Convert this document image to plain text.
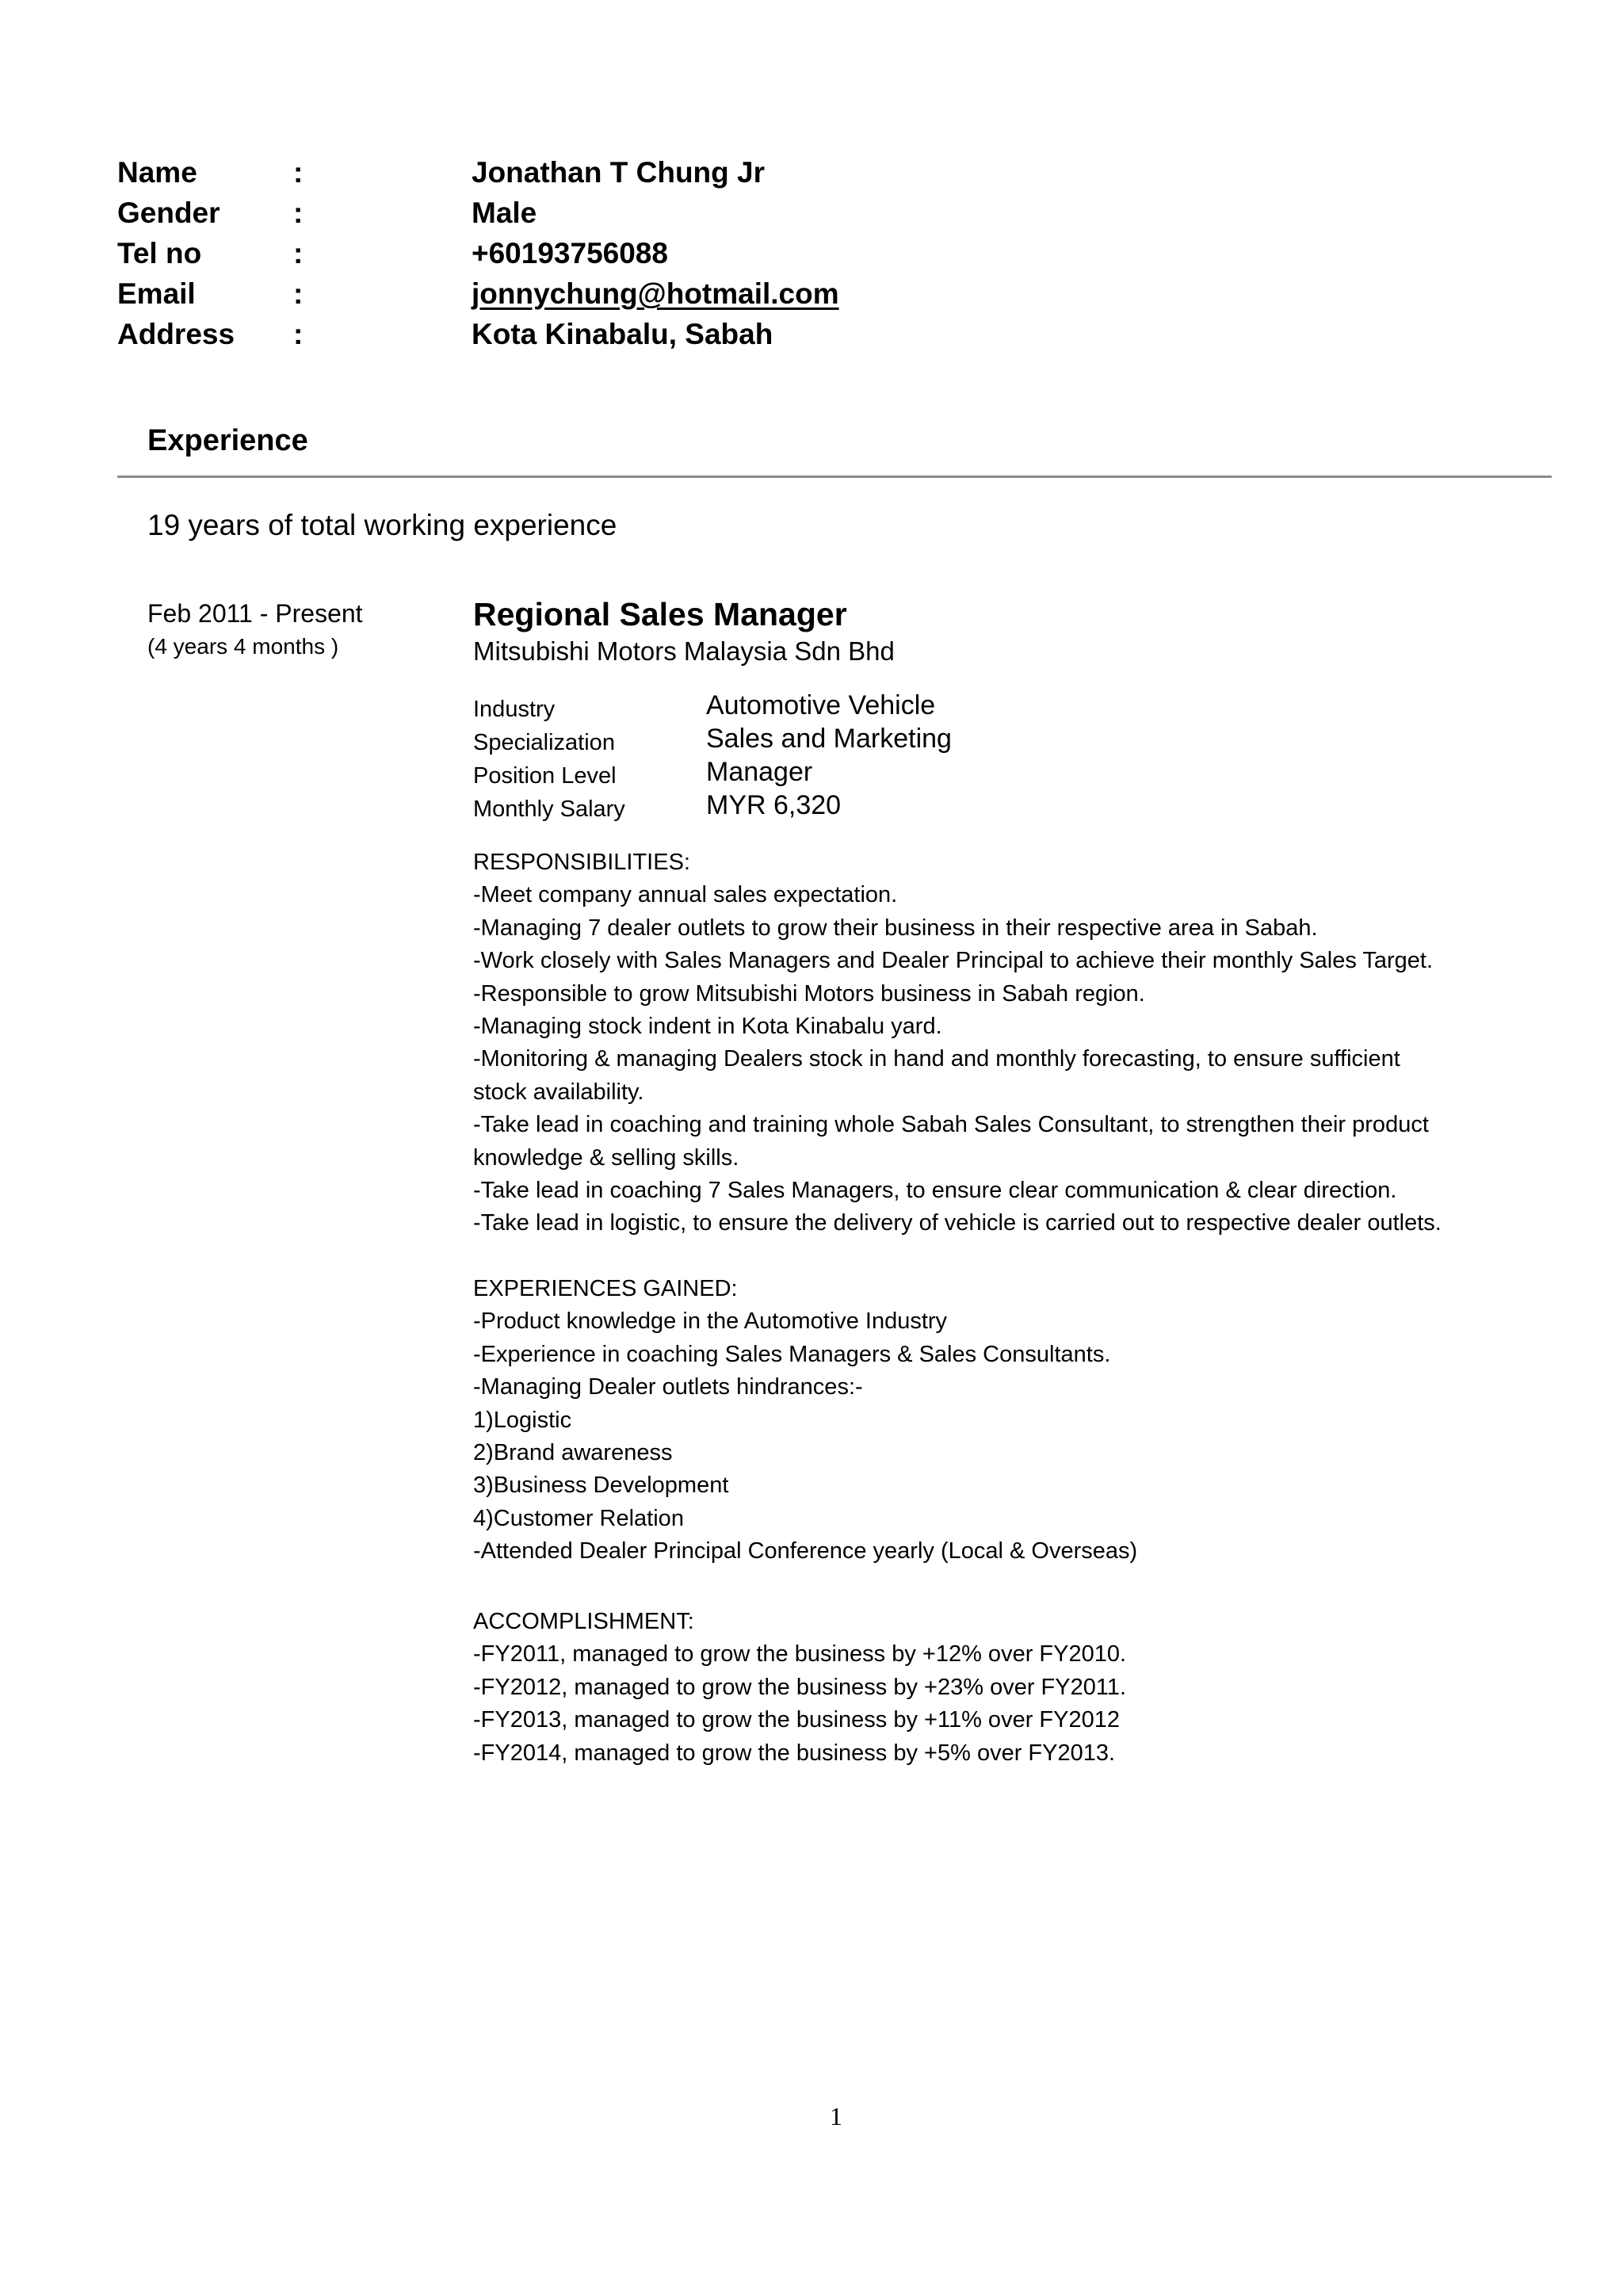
Name	:	Jonathan T Chung Jr
Gender :	Male
Tel no	:	+60193756088
Email	:	jonnychung@hotmail.com
Address :	Kota Kinabalu, Sabah
Experience
19 years of total working experience
Feb 2011 - Present
(4 years 4 months )
Regional Sales Manager
Mitsubishi Motors Malaysia Sdn Bhd
Industry	Automotive Vehicle
Specialization	Sales and Marketing
Position Level	Manager
Monthly Salary	MYR 6,320
RESPONSIBILITIES:
-Meet company annual sales expectation.
-Managing 7 dealer outlets to grow their business in their respective area in Sabah.
-Work closely with Sales Managers and Dealer Principal to achieve their monthly Sales Target.
-Responsible to grow Mitsubishi Motors business in Sabah region.
-Managing stock indent in Kota Kinabalu yard.
-Monitoring & managing Dealers stock in hand and monthly forecasting, to ensure sufficient
stock availability.
-Take lead in coaching and training whole Sabah Sales Consultant, to strengthen their product
knowledge & selling skills.
-Take lead in coaching 7 Sales Managers, to ensure clear communication & clear direction.
-Take lead in logistic, to ensure the delivery of vehicle is carried out to respective dealer outlets.
EXPERIENCES GAINED:
-Product knowledge in the Automotive Industry
-Experience in coaching Sales Managers & Sales Consultants.
-Managing Dealer outlets hindrances:-
1)Logistic
2)Brand awareness
3)Business Development
4)Customer Relation
-Attended Dealer Principal Conference yearly (Local & Overseas)
ACCOMPLISHMENT:
-FY2011, managed to grow the business by +12% over FY2010.
-FY2012, managed to grow the business by +23% over FY2011.
-FY2013, managed to grow the business by +11% over FY2012
-FY2014, managed to grow the business by +5% over FY2013.
1
